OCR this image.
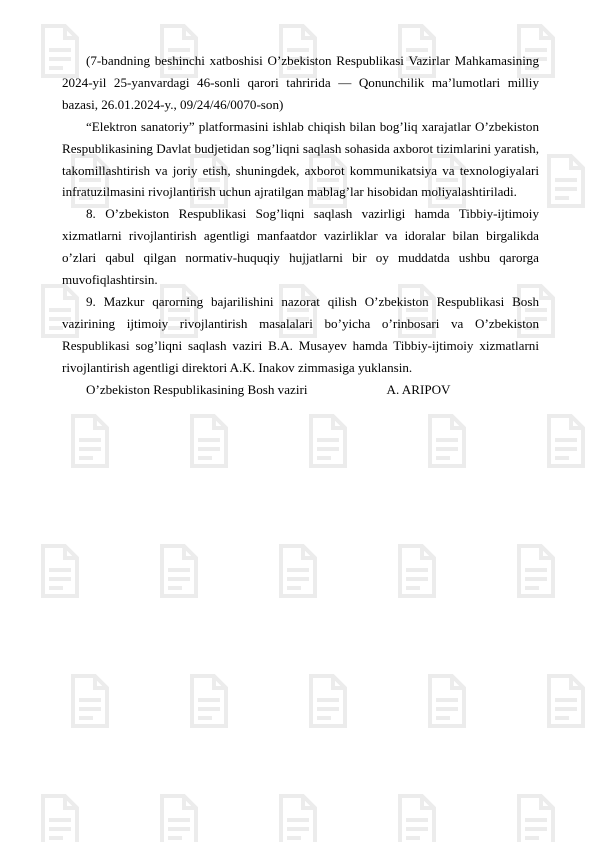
(7-bandning beshinchi xatboshisi O’zbekiston Respublikasi Vazirlar Mahkamasining 2024-yil 25-yanvardagi 46-sonli qarori tahririda — Qonunchilik ma’lumotlari milliy bazasi, 26.01.2024-y., 09/24/46/0070-son)

“Elektron sanatoriy” platformasini ishlab chiqish bilan bog’liq xarajatlar O’zbekiston Respublikasining Davlat budjetidan sog’liqni saqlash sohasida axborot tizimlarini yaratish, takomillashtirish va joriy etish, shuningdek, axborot kommunikatsiya va texnologiyalari infratuzilmasini rivojlantirish uchun ajratilgan mablag’lar hisobidan moliyalashtiriladi.

8. O’zbekiston Respublikasi Sog’liqni saqlash vazirligi hamda Tibbiy-ijtimoiy xizmatlarni rivojlantirish agentligi manfaatdor vazirliklar va idoralar bilan birgalikda o’zlari qabul qilgan normativ-huquqiy hujjatlarni bir oy muddatda ushbu qarorga muvofiqlashtirsin.

9. Mazkur qarorning bajarilishini nazorat qilish O’zbekiston Respublikasi Bosh vazirining ijtimoiy rivojlantirish masalalari bo’yicha o’rinbosari va O’zbekiston Respublikasi sog’liqni saqlash vaziri B.A. Musayev hamda Tibbiy-ijtimoiy xizmatlarni rivojlantirish agentligi direktori A.K. Inakov zimmasiga yuklansin.

O’zbekiston Respublikasining Bosh vaziri	A. ARIPOV
